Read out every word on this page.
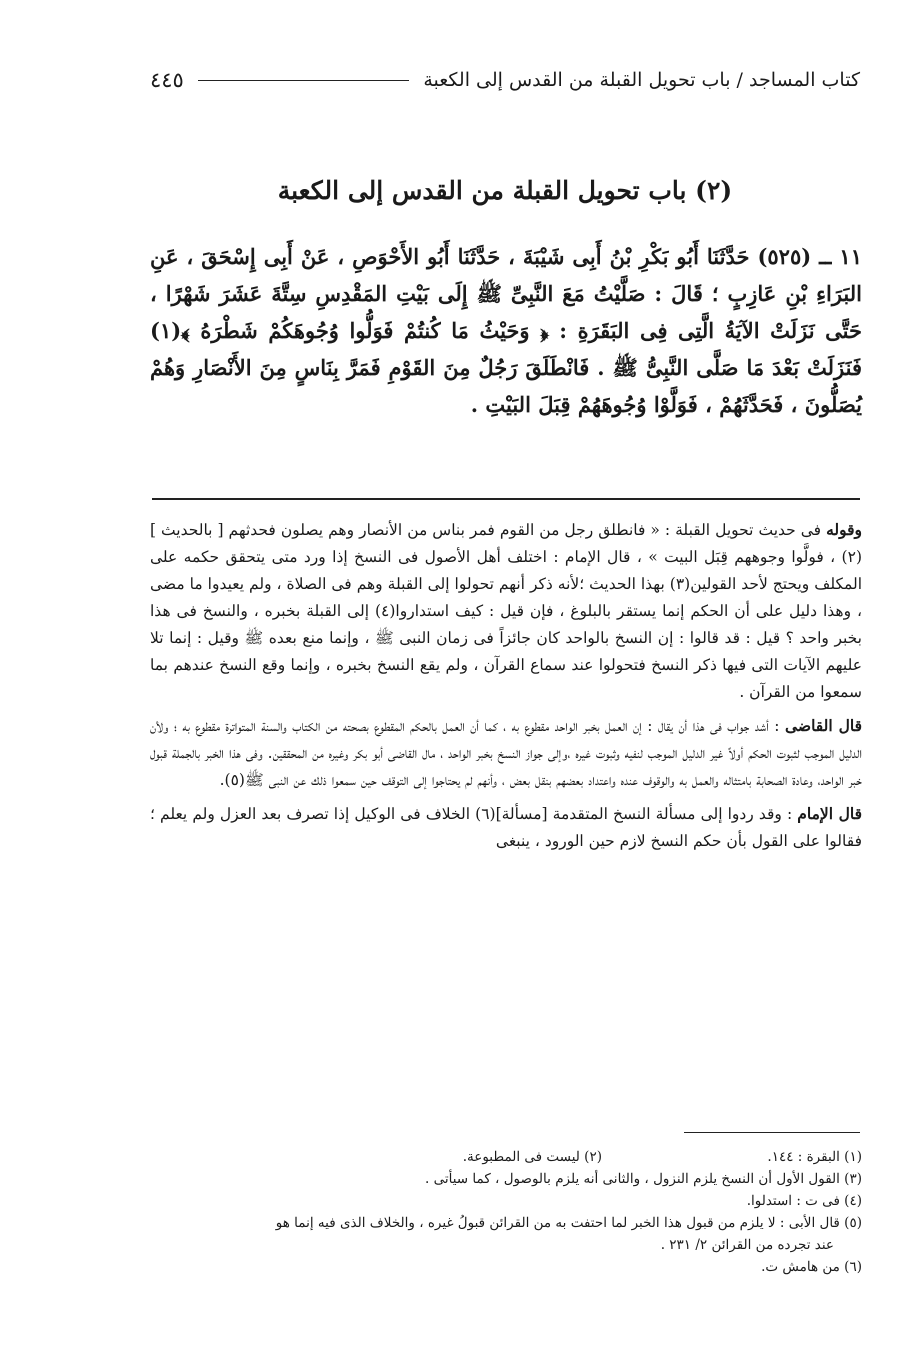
كتاب المساجد / باب تحويل القبلة من القدس إلى الكعبة
٤٤٥
(٢) باب تحويل القبلة من القدس إلى الكعبة
١١ ــ (٥٢٥) حَدَّثَنَا أَبُو بَكْرِ بْنُ أَبِى شَيْبَةَ ، حَدَّثَنَا أَبُو الأَحْوَصِ ، عَنْ أَبِى إِسْحَقَ ، عَنِ البَرَاءِ بْنِ عَازِبٍ ؛ قَالَ : صَلَّيْتُ مَعَ النَّبِىِّ ﷺ إِلَى بَيْتِ المَقْدِسِ سِتَّةَ عَشَرَ شَهْرًا ، حَتَّى نَزَلَتْ الآيَةُ الَّتِى فِى البَقَرَةِ : ﴿ وَحَيْثُ مَا كُنتُمْ فَوَلُّوا وُجُوهَكُمْ شَطْرَهُ ﴾(١) فَنَزَلَتْ بَعْدَ مَا صَلَّى النَّبِىُّ ﷺ . فَانْطَلَقَ رَجُلٌ مِنَ القَوْمِ فَمَرَّ بِنَاسٍ مِنَ الأَنْصَارِ وَهُمْ يُصَلُّونَ ، فَحَدَّثَهُمْ ، فَوَلَّوْا وُجُوهَهُمْ قِبَلَ البَيْتِ .

وقوله فى حديث تحويل القبلة : « فانطلق رجل من القوم فمر بناس من الأنصار وهم يصلون فحدثهم [ بالحديث ](٢) ، فولَّوا وجوههم قِبَل البيت » ، قال الإمام : اختلف أهل الأصول فى النسخ إذا ورد متى يتحقق حكمه على المكلف ويحتج لأحد القولين(٣) بهذا الحديث ؛لأنه ذكر أنهم تحولوا إلى القبلة وهم فى الصلاة ، ولم يعيدوا ما مضى ، وهذا دليل على أن الحكم إنما يستقر بالبلوغ ، فإن قيل : كيف استداروا(٤) إلى القبلة بخبره ، والنسخ فى هذا بخبر واحد ؟ قيل : قد قالوا : إن النسخ بالواحد كان جائزاً فى زمان النبى ﷺ ، وإنما منع بعده ﷺ وقيل : إنما تلا عليهم الآيات التى فيها ذكر النسخ فتحولوا عند سماع القرآن ، ولم يقع النسخ بخبره ، وإنما وقع النسخ عندهم بما سمعوا من القرآن .

قال القاضى : أشد جواب فى هذا أن يقال : إن العمل بخبر الواحد مقطوع به ، كما أن العمل بالحكم المقطوع بصحته من الكتاب والسنة المتواترة مقطوع به ؛ ولأن الدليل الموجب لثبوت الحكم أولاً غير الدليل الموجب لنفيه وثبوت غيره ،وإلى جواز النسخ بخبر الواحد ، مال القاضى أبو بكر وغيره من المحققين. وفى هذا الخبر بالجملة قبول خبر الواحد، وعادة الصحابة بامتثاله والعمل به والوقوف عنده واعتداد بعضهم بنقل بعض ، وأنهم لم يحتاجوا إلى التوقف حين سمعوا ذلك عن النبى ﷺ(٥).

قال الإمام : وقد ردوا إلى مسألة النسخ المتقدمة [مسألة](٦) الخلاف فى الوكيل إذا تصرف بعد العزل ولم يعلم ؛ فقالوا على القول بأن حكم النسخ لازم حين الورود ، ينبغى

(١) البقرة : ١٤٤.
(٢) ليست فى المطبوعة.
(٣) القول الأول أن النسخ يلزم النزول ، والثانى أنه يلزم بالوصول ، كما سيأتى .
(٤) فى ت : استدلوا.
(٥) قال الأبى : لا يلزم من قبول هذا الخبر لما احتفت به من القرائن قبولُ غيره ، والخلاف الذى فيه إنما هو
عند تجرده من القرائن ٢/ ٢٣١ .
(٦) من هامش ت.
